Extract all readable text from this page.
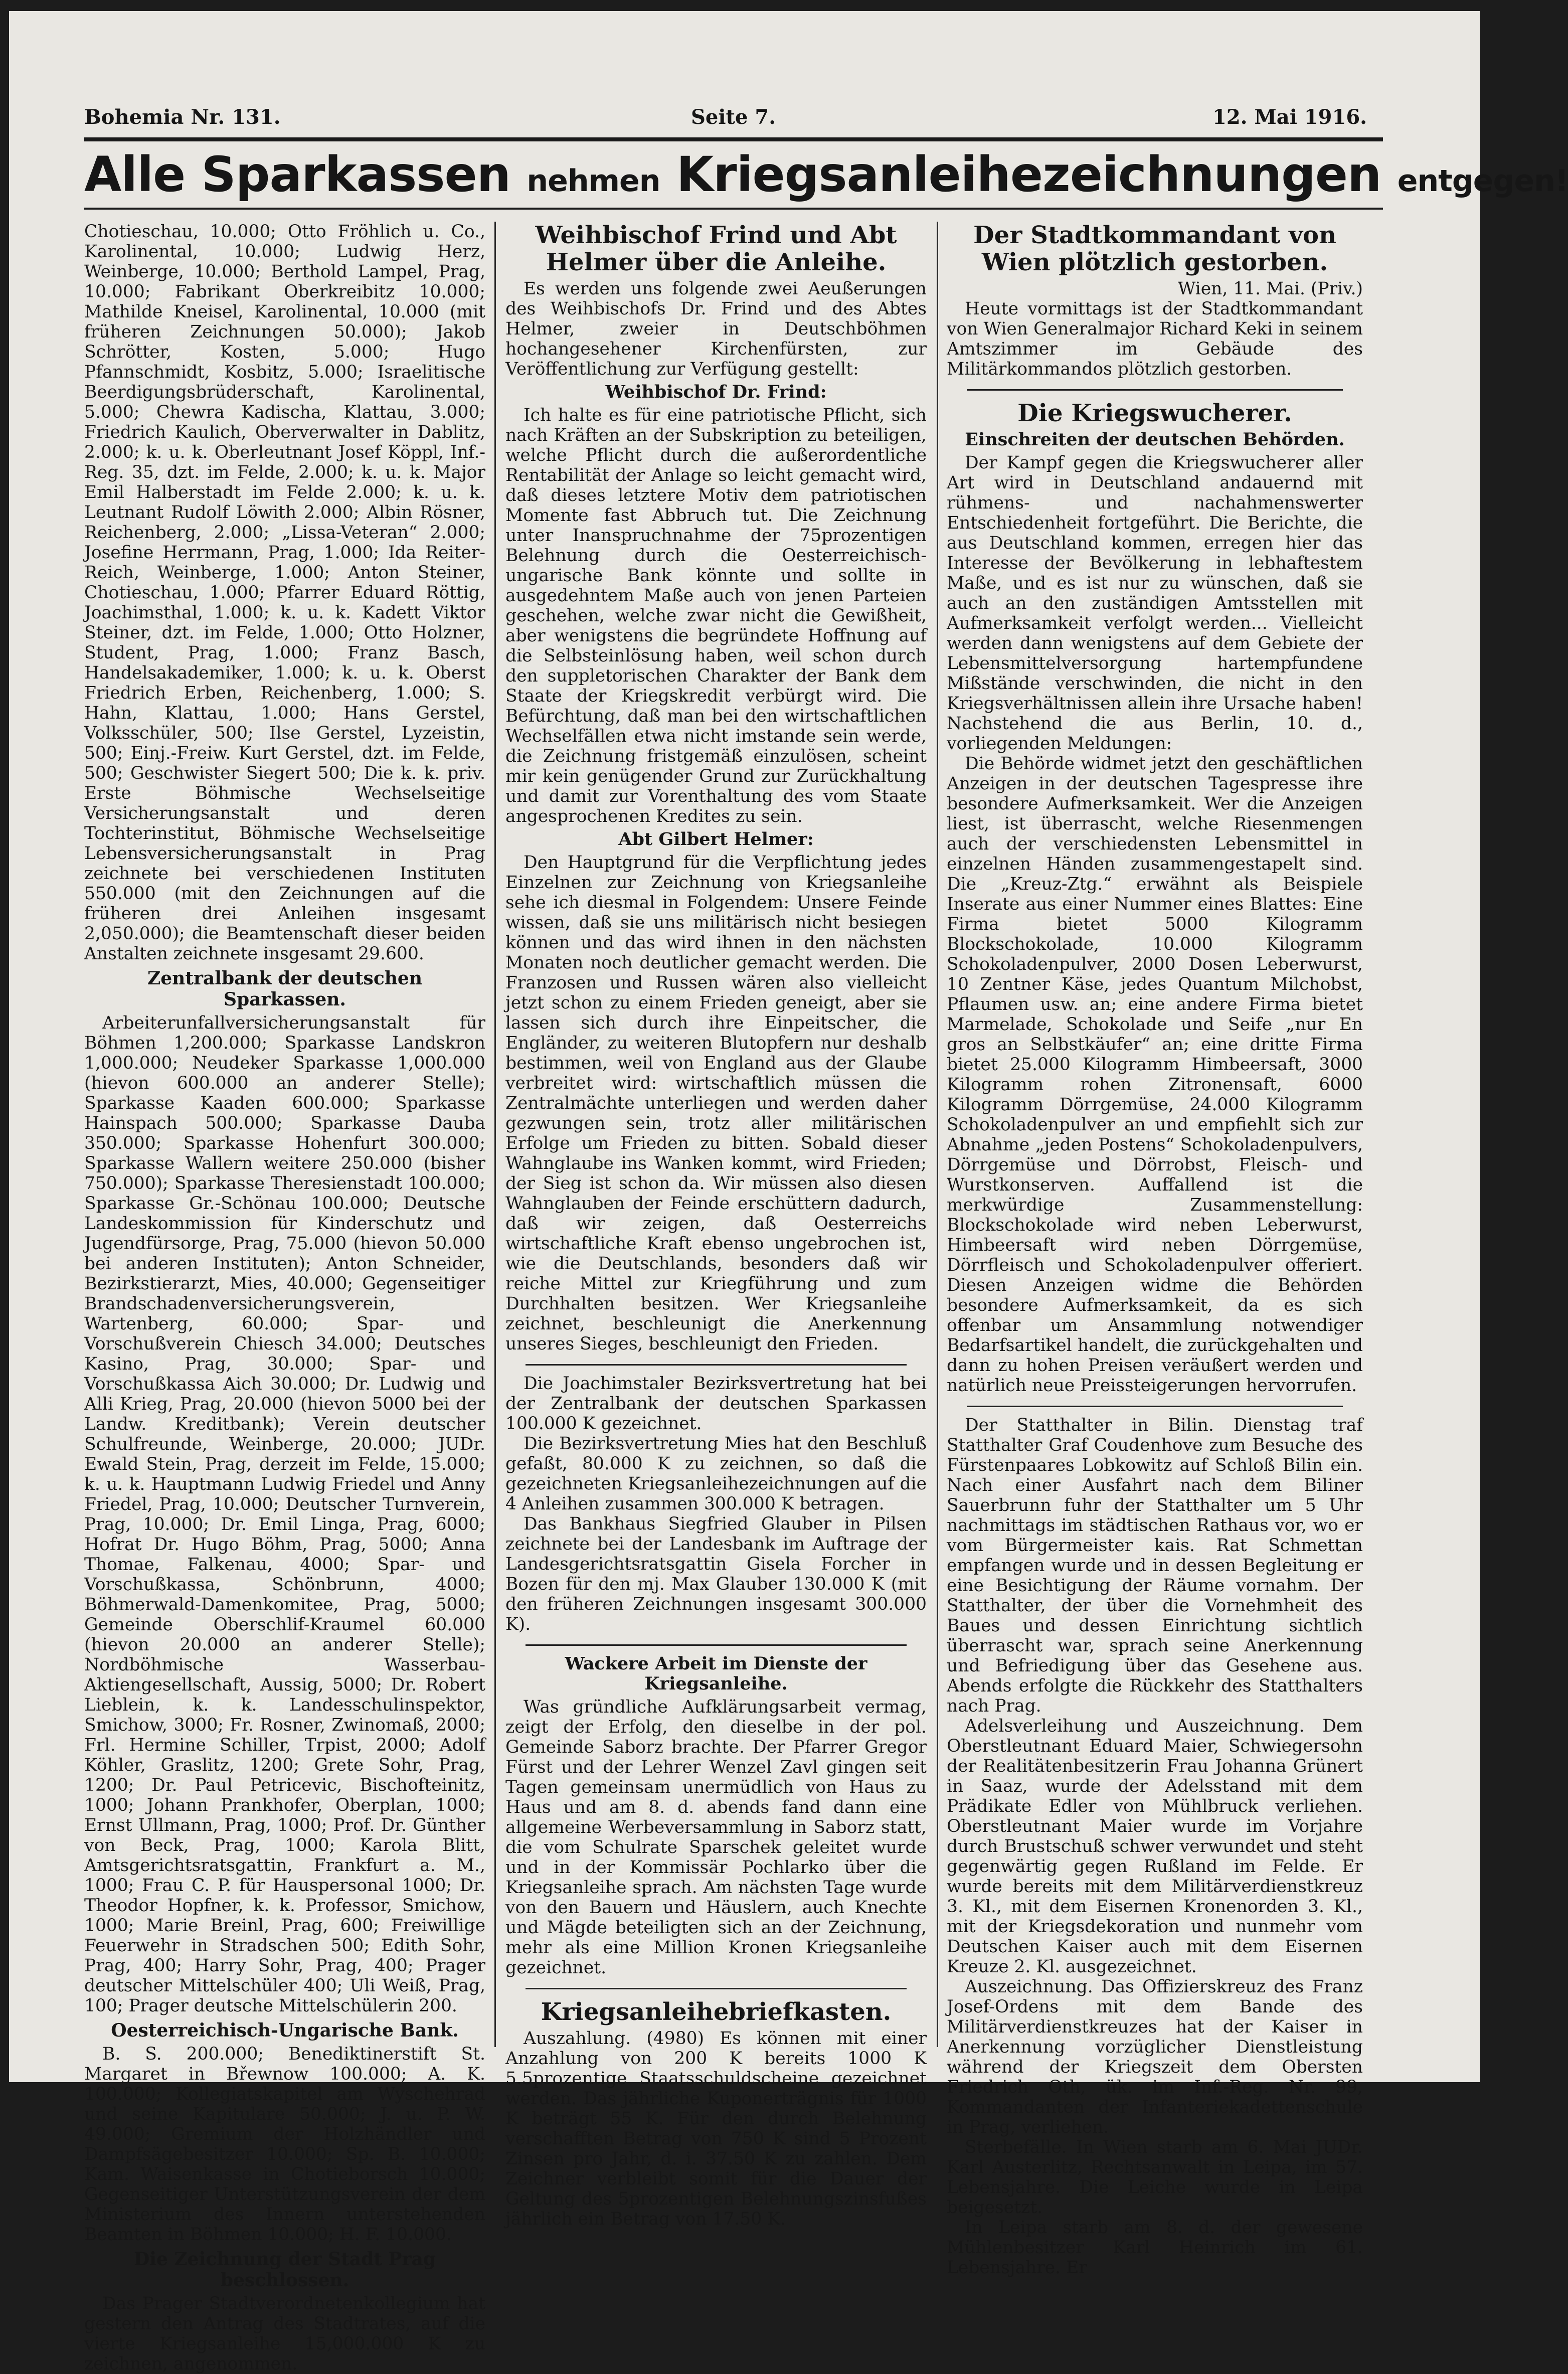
Bohemia Nr. 131.	Seite 7.	12. Mai 1916.
Alle Sparkassen nehmen Kriegsanleihezeichnungen entgegen!

Chotieschau, 10.000; Otto Fröhlich u. Co., Karolinental, 10.000; Ludwig Herz, Weinberge, 10.000; Berthold Lampel, Prag, 10.000; Fabrikant Oberkreibitz 10.000; Mathilde Kneisel, Karolinental, 10.000 (mit früheren Zeichnungen 50.000); Jakob Schrötter, Kosten, 5.000; Hugo Pfannschmidt, Kosbitz, 5.000; Israelitische Beerdigungsbrüderschaft, Karolinental, 5.000; Chewra Kadischa, Klattau, 3.000; Friedrich Kaulich, Oberverwalter in Dablitz, 2.000; k. u. k. Oberleutnant Josef Köppl, Inf.-Reg. 35, dzt. im Felde, 2.000; k. u. k. Major Emil Halberstadt im Felde 2.000; k. u. k. Leutnant Rudolf Löwith 2.000; Albin Rösner, Reichenberg, 2.000; „Lissa-Veteran“ 2.000; Josefine Herrmann, Prag, 1.000; Ida Reiter-Reich, Weinberge, 1.000; Anton Steiner, Chotieschau, 1.000; Pfarrer Eduard Röttig, Joachimsthal, 1.000; k. u. k. Kadett Viktor Steiner, dzt. im Felde, 1.000; Otto Holzner, Student, Prag, 1.000; Franz Basch, Handelsakademiker, 1.000; k. u. k. Oberst Friedrich Erben, Reichenberg, 1.000; S. Hahn, Klattau, 1.000; Hans Gerstel, Volksschüler, 500; Ilse Gerstel, Lyzeistin, 500; Einj.-Freiw. Kurt Gerstel, dzt. im Felde, 500; Geschwister Siegert 500; Die k. k. priv. Erste Böhmische Wechselseitige Versicherungsanstalt und deren Tochterinstitut, Böhmische Wechselseitige Lebensversicherungsanstalt in Prag zeichnete bei verschiedenen Instituten 550.000 (mit den Zeichnungen auf die früheren drei Anleihen insgesamt 2,050.000); die Beamtenschaft dieser beiden Anstalten zeichnete insgesamt 29.600.

Zentralbank der deutschen Sparkassen.

Arbeiterunfallversicherungsanstalt für Böhmen 1,200.000; Sparkasse Landskron 1,000.000; Neudeker Sparkasse 1,000.000 (hievon 600.000 an anderer Stelle); Sparkasse Kaaden 600.000; Sparkasse Hainspach 500.000; Sparkasse Dauba 350.000; Sparkasse Hohenfurt 300.000; Sparkasse Wallern weitere 250.000 (bisher 750.000); Sparkasse Theresienstadt 100.000; Sparkasse Gr.-Schönau 100.000; Deutsche Landeskommission für Kinderschutz und Jugendfürsorge, Prag, 75.000 (hievon 50.000 bei anderen Instituten); Anton Schneider, Bezirkstierarzt, Mies, 40.000; Gegenseitiger Brandschadenversicherungsverein, Wartenberg, 60.000; Spar- und Vorschußverein Chiesch 34.000; Deutsches Kasino, Prag, 30.000; Spar- und Vorschußkassa Aich 30.000; Dr. Ludwig und Alli Krieg, Prag, 20.000 (hievon 5000 bei der Landw. Kreditbank); Verein deutscher Schulfreunde, Weinberge, 20.000; JUDr. Ewald Stein, Prag, derzeit im Felde, 15.000; k. u. k. Hauptmann Ludwig Friedel und Anny Friedel, Prag, 10.000; Deutscher Turnverein, Prag, 10.000; Dr. Emil Linga, Prag, 6000; Hofrat Dr. Hugo Böhm, Prag, 5000; Anna Thomae, Falkenau, 4000; Spar- und Vorschußkassa, Schönbrunn, 4000; Böhmerwald-Damenkomitee, Prag, 5000; Gemeinde Oberschlif-Kraumel 60.000 (hievon 20.000 an anderer Stelle); Nordböhmische Wasserbau-Aktiengesellschaft, Aussig, 5000; Dr. Robert Lieblein, k. k. Landesschulinspektor, Smichow, 3000; Fr. Rosner, Zwinomaß, 2000; Frl. Hermine Schiller, Trpist, 2000; Adolf Köhler, Graslitz, 1200; Grete Sohr, Prag, 1200; Dr. Paul Petricevic, Bischofteinitz, 1000; Johann Prankhofer, Oberplan, 1000; Ernst Ullmann, Prag, 1000; Prof. Dr. Günther von Beck, Prag, 1000; Karola Blitt, Amtsgerichtsratsgattin, Frankfurt a. M., 1000; Frau C. P. für Hauspersonal 1000; Dr. Theodor Hopfner, k. k. Professor, Smichow, 1000; Marie Breinl, Prag, 600; Freiwillige Feuerwehr in Stradschen 500; Edith Sohr, Prag, 400; Harry Sohr, Prag, 400; Prager deutscher Mittelschüler 400; Uli Weiß, Prag, 100; Prager deutsche Mittelschülerin 200.

Oesterreichisch-Ungarische Bank.

B. S. 200.000; Benediktinerstift St. Margaret in Břewnow 100.000; A. K. 100.000; Kollegiatskapitel am Wyschehrad und seine Kapitulare 50.000; J. u. P. W. 49.000; Gremium der Holzhändler und Dampfsägebesitzer 10.000; Sp. B. 10.000; Kam. Waisenkasse in Chotieborsch 10.000; Gegenseitiger Unterstützungsverein der dem Ministerium des Innern unterstehenden Beamten in Böhmen 10.000; H. F. 10.000.

Die Zeichnung der Stadt Prag beschlossen.

Das Prager Stadtverordnetenkollegium hat gestern den Antrag des Stadtrates, auf die vierte Kriegsanleihe 15,000.000 K zu zeichnen, angenommen.

Weihbischof Frind und Abt Helmer über die Anleihe.

Es werden uns folgende zwei Aeußerungen des Weihbischofs Dr. Frind und des Abtes Helmer, zweier in Deutschböhmen hochangesehener Kirchenfürsten, zur Veröffentlichung zur Verfügung gestellt:

Weihbischof Dr. Frind:

Ich halte es für eine patriotische Pflicht, sich nach Kräften an der Subskription zu beteiligen, welche Pflicht durch die außerordentliche Rentabilität der Anlage so leicht gemacht wird, daß dieses letztere Motiv dem patriotischen Momente fast Abbruch tut. Die Zeichnung unter Inanspruchnahme der 75prozentigen Belehnung durch die Oesterreichisch-ungarische Bank könnte und sollte in ausgedehntem Maße auch von jenen Parteien geschehen, welche zwar nicht die Gewißheit, aber wenigstens die begründete Hoffnung auf die Selbsteinlösung haben, weil schon durch den suppletorischen Charakter der Bank dem Staate der Kriegskredit verbürgt wird. Die Befürchtung, daß man bei den wirtschaftlichen Wechselfällen etwa nicht imstande sein werde, die Zeichnung fristgemäß einzulösen, scheint mir kein genügender Grund zur Zurückhaltung und damit zur Vorenthaltung des vom Staate angesprochenen Kredites zu sein.

Abt Gilbert Helmer:

Den Hauptgrund für die Verpflichtung jedes Einzelnen zur Zeichnung von Kriegsanleihe sehe ich diesmal in Folgendem: Unsere Feinde wissen, daß sie uns militärisch nicht besiegen können und das wird ihnen in den nächsten Monaten noch deutlicher gemacht werden. Die Franzosen und Russen wären also vielleicht jetzt schon zu einem Frieden geneigt, aber sie lassen sich durch ihre Einpeitscher, die Engländer, zu weiteren Blutopfern nur deshalb bestimmen, weil von England aus der Glaube verbreitet wird: wirtschaftlich müssen die Zentralmächte unterliegen und werden daher gezwungen sein, trotz aller militärischen Erfolge um Frieden zu bitten. Sobald dieser Wahnglaube ins Wanken kommt, wird Frieden; der Sieg ist schon da. Wir müssen also diesen Wahnglauben der Feinde erschüttern dadurch, daß wir zeigen, daß Oesterreichs wirtschaftliche Kraft ebenso ungebrochen ist, wie die Deutschlands, besonders daß wir reiche Mittel zur Kriegführung und zum Durchhalten besitzen. Wer Kriegsanleihe zeichnet, beschleunigt die Anerkennung unseres Sieges, beschleunigt den Frieden.

Die Joachimstaler Bezirksvertretung hat bei der Zentralbank der deutschen Sparkassen 100.000 K gezeichnet.

Die Bezirksvertretung Mies hat den Beschluß gefaßt, 80.000 K zu zeichnen, so daß die gezeichneten Kriegsanleihezeichnungen auf die 4 Anleihen zusammen 300.000 K betragen.

Das Bankhaus Siegfried Glauber in Pilsen zeichnete bei der Landesbank im Auftrage der Landesgerichtsratsgattin Gisela Forcher in Bozen für den mj. Max Glauber 130.000 K (mit den früheren Zeichnungen insgesamt 300.000 K).

Wackere Arbeit im Dienste der Kriegsanleihe.

Was gründliche Aufklärungsarbeit vermag, zeigt der Erfolg, den dieselbe in der pol. Gemeinde Saborz brachte. Der Pfarrer Gregor Fürst und der Lehrer Wenzel Zavl gingen seit Tagen gemeinsam unermüdlich von Haus zu Haus und am 8. d. abends fand dann eine allgemeine Werbeversammlung in Saborz statt, die vom Schulrate Sparschek geleitet wurde und in der Kommissär Pochlarko über die Kriegsanleihe sprach. Am nächsten Tage wurde von den Bauern und Häuslern, auch Knechte und Mägde beteiligten sich an der Zeichnung, mehr als eine Million Kronen Kriegsanleihe gezeichnet.

Kriegsanleihebriefkasten.

Auszahlung. (4980) Es können mit einer Anzahlung von 200 K bereits 1000 K 5.5prozentige Staatsschuldscheine gezeichnet werden. Das jährliche Kuponerträgnis für 1000 K beträgt 55 K. Für den durch Belehnung verschafften Betrag von 750 K sind 5 Prozent Zinsen pro Jahr, d. i. 37.50 K zu zahlen. Dem Zeichner verbleibt somit für die Dauer der Geltung des 5prozentigen Belehnungszinsfußes jährlich ein Betrag von 17.50 K.

Der Stadtkommandant von Wien plötzlich gestorben.

Wien, 11. Mai. (Priv.)

Heute vormittags ist der Stadtkommandant von Wien Generalmajor Richard Keki in seinem Amtszimmer im Gebäude des Militärkommandos plötzlich gestorben.

Die Kriegswucherer.
Einschreiten der deutschen Behörden.

Der Kampf gegen die Kriegswucherer aller Art wird in Deutschland andauernd mit rühmens- und nachahmenswerter Entschiedenheit fortgeführt. Die Berichte, die aus Deutschland kommen, erregen hier das Interesse der Bevölkerung in lebhaftestem Maße, und es ist nur zu wünschen, daß sie auch an den zuständigen Amtsstellen mit Aufmerksamkeit verfolgt werden... Vielleicht werden dann wenigstens auf dem Gebiete der Lebensmittelversorgung hartempfundene Mißstände verschwinden, die nicht in den Kriegsverhältnissen allein ihre Ursache haben! Nachstehend die aus Berlin, 10. d., vorliegenden Meldungen:

Die Behörde widmet jetzt den geschäftlichen Anzeigen in der deutschen Tagespresse ihre besondere Aufmerksamkeit. Wer die Anzeigen liest, ist überrascht, welche Riesenmengen auch der verschiedensten Lebensmittel in einzelnen Händen zusammengestapelt sind. Die „Kreuz-Ztg.“ erwähnt als Beispiele Inserate aus einer Nummer eines Blattes: Eine Firma bietet 5000 Kilogramm Blockschokolade, 10.000 Kilogramm Schokoladenpulver, 2000 Dosen Leberwurst, 10 Zentner Käse, jedes Quantum Milchobst, Pflaumen usw. an; eine andere Firma bietet Marmelade, Schokolade und Seife „nur En gros an Selbstkäufer“ an; eine dritte Firma bietet 25.000 Kilogramm Himbeersaft, 3000 Kilogramm rohen Zitronensaft, 6000 Kilogramm Dörrgemüse, 24.000 Kilogramm Schokoladenpulver an und empfiehlt sich zur Abnahme „jeden Postens“ Schokoladenpulvers, Dörrgemüse und Dörrobst, Fleisch- und Wurstkonserven. Auffallend ist die merkwürdige Zusammenstellung: Blockschokolade wird neben Leberwurst, Himbeersaft wird neben Dörrgemüse, Dörrfleisch und Schokoladenpulver offeriert. Diesen Anzeigen widme die Behörden besondere Aufmerksamkeit, da es sich offenbar um Ansammlung notwendiger Bedarfsartikel handelt, die zurückgehalten und dann zu hohen Preisen veräußert werden und natürlich neue Preissteigerungen hervorrufen.

Der Statthalter in Bilin. Dienstag traf Statthalter Graf Coudenhove zum Besuche des Fürstenpaares Lobkowitz auf Schloß Bilin ein. Nach einer Ausfahrt nach dem Biliner Sauerbrunn fuhr der Statthalter um 5 Uhr nachmittags im städtischen Rathaus vor, wo er vom Bürgermeister kais. Rat Schmettan empfangen wurde und in dessen Begleitung er eine Besichtigung der Räume vornahm. Der Statthalter, der über die Vornehmheit des Baues und dessen Einrichtung sichtlich überrascht war, sprach seine Anerkennung und Befriedigung über das Gesehene aus. Abends erfolgte die Rückkehr des Statthalters nach Prag.

Adelsverleihung und Auszeichnung. Dem Oberstleutnant Eduard Maier, Schwiegersohn der Realitätenbesitzerin Frau Johanna Grünert in Saaz, wurde der Adelsstand mit dem Prädikate Edler von Mühlbruck verliehen. Oberstleutnant Maier wurde im Vorjahre durch Brustschuß schwer verwundet und steht gegenwärtig gegen Rußland im Felde. Er wurde bereits mit dem Militärverdienstkreuz 3. Kl., mit dem Eisernen Kronenorden 3. Kl., mit der Kriegsdekoration und nunmehr vom Deutschen Kaiser auch mit dem Eisernen Kreuze 2. Kl. ausgezeichnet.

Auszeichnung. Das Offizierskreuz des Franz Josef-Ordens mit dem Bande des Militärverdienstkreuzes hat der Kaiser in Anerkennung vorzüglicher Dienstleistung während der Kriegszeit dem Obersten Friedrich Oth, ük. im Inf.-Reg. Nr. 99, Kommandanten der Infanteriekadettenschule in Prag, verliehen.

Sterbefälle. In Wien starb am 6. Mai JUDr. Karl Austerlitz, Rechtsanwalt in Leipa, im 57. Lebensjahre. Die Leiche wurde in Leipa beigesetzt.

In Leipa starb am 8. d. der gewesene Mühlenbesitzer Karl Heinrich im 61. Lebensjahre. Er
